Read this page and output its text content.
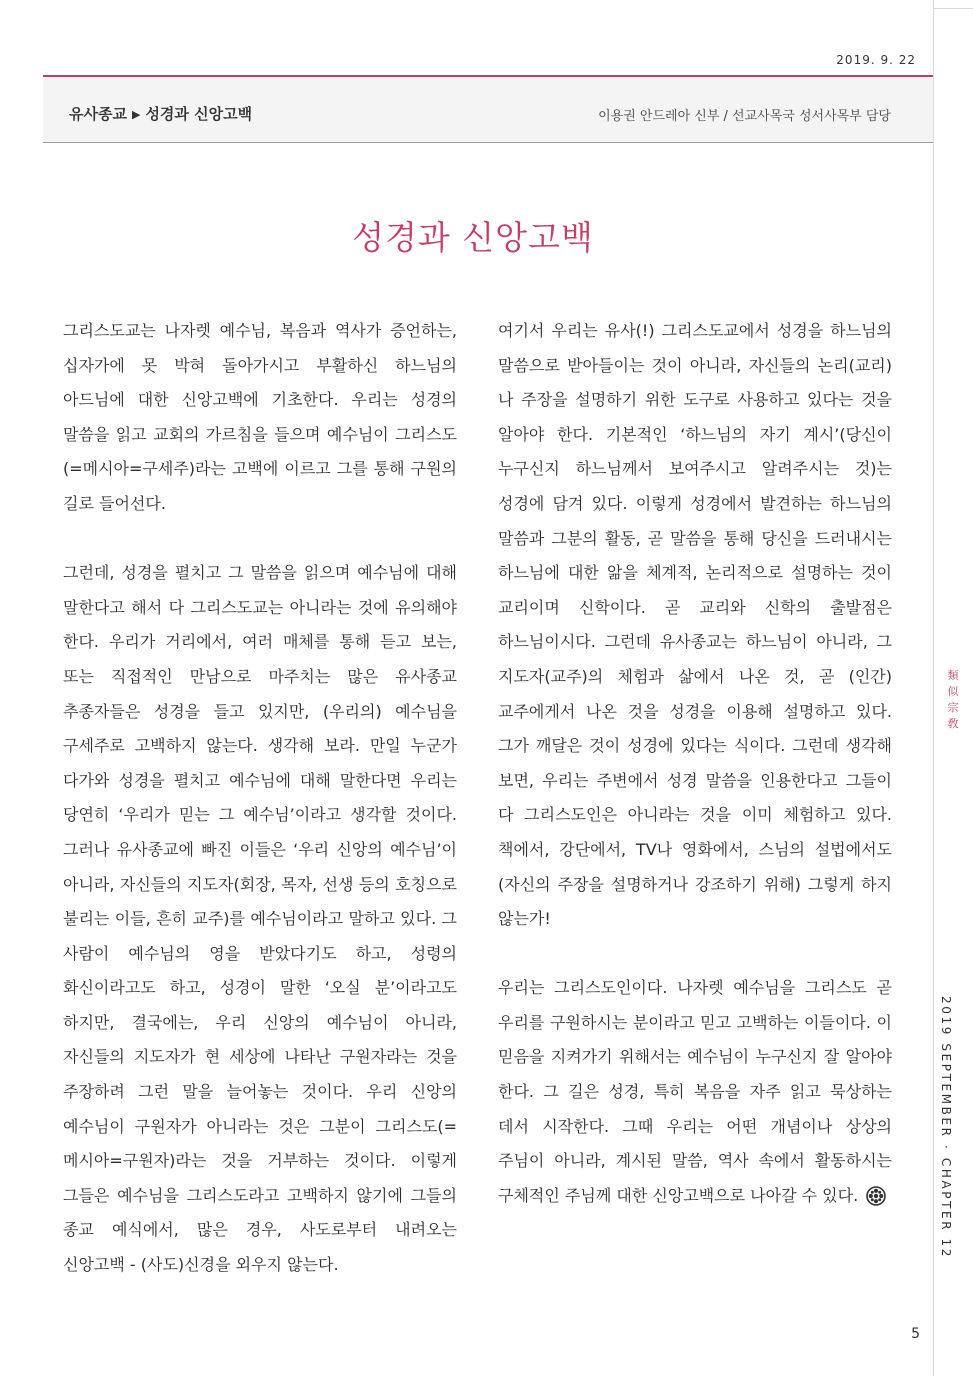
2019. 9. 22
유사종교 ▶ 성경과 신앙고백	이용권 안드레아 신부 / 선교사목국 성서사목부 담당
성경과 신앙고백

그리스도교는 나자렛 예수님, 복음과 역사가 증언하는, 십자가에 못 박혀 돌아가시고 부활하신 하느님의 아드님에 대한 신앙고백에 기초한다. 우리는 성경의 말씀을 읽고 교회의 가르침을 들으며 예수님이 그리스도(=메시아=구세주)라는 고백에 이르고 그를 통해 구원의 길로 들어선다.

그런데, 성경을 펼치고 그 말씀을 읽으며 예수님에 대해 말한다고 해서 다 그리스도교는 아니라는 것에 유의해야 한다. 우리가 거리에서, 여러 매체를 통해 듣고 보는, 또는 직접적인 만남으로 마주치는 많은 유사종교 추종자들은 성경을 들고 있지만, (우리의) 예수님을 구세주로 고백하지 않는다. 생각해 보라. 만일 누군가 다가와 성경을 펼치고 예수님에 대해 말한다면 우리는 당연히 ‘우리가 믿는 그 예수님’이라고 생각할 것이다. 그러나 유사종교에 빠진 이들은 ‘우리 신앙의 예수님’이 아니라, 자신들의 지도자(회장, 목자, 선생 등의 호칭으로 불리는 이들, 흔히 교주)를 예수님이라고 말하고 있다. 그 사람이 예수님의 영을 받았다기도 하고, 성령의 화신이라고도 하고, 성경이 말한 ‘오실 분’이라고도 하지만, 결국에는, 우리 신앙의 예수님이 아니라, 자신들의 지도자가 현 세상에 나타난 구원자라는 것을 주장하려 그런 말을 늘어놓는 것이다. 우리 신앙의 예수님이 구원자가 아니라는 것은 그분이 그리스도(=메시아=구원자)라는 것을 거부하는 것이다. 이렇게 그들은 예수님을 그리스도라고 고백하지 않기에 그들의 종교 예식에서, 많은 경우, 사도로부터 내려오는 신앙고백 - (사도)신경을 외우지 않는다.

여기서 우리는 유사(!) 그리스도교에서 성경을 하느님의 말씀으로 받아들이는 것이 아니라, 자신들의 논리(교리)나 주장을 설명하기 위한 도구로 사용하고 있다는 것을 알아야 한다. 기본적인 ‘하느님의 자기 계시’(당신이 누구신지 하느님께서 보여주시고 알려주시는 것)는 성경에 담겨 있다. 이렇게 성경에서 발견하는 하느님의 말씀과 그분의 활동, 곧 말씀을 통해 당신을 드러내시는 하느님에 대한 앎을 체계적, 논리적으로 설명하는 것이 교리이며 신학이다. 곧 교리와 신학의 출발점은 하느님이시다. 그런데 유사종교는 하느님이 아니라, 그 지도자(교주)의 체험과 삶에서 나온 것, 곧 (인간) 교주에게서 나온 것을 성경을 이용해 설명하고 있다. 그가 깨달은 것이 성경에 있다는 식이다. 그런데 생각해 보면, 우리는 주변에서 성경 말씀을 인용한다고 그들이 다 그리스도인은 아니라는 것을 이미 체험하고 있다. 책에서, 강단에서, TV나 영화에서, 스님의 설법에서도 (자신의 주장을 설명하거나 강조하기 위해) 그렇게 하지 않는가!

우리는 그리스도인이다. 나자렛 예수님을 그리스도 곧 우리를 구원하시는 분이라고 믿고 고백하는 이들이다. 이 믿음을 지켜가기 위해서는 예수님이 누구신지 잘 알아야 한다. 그 길은 성경, 특히 복음을 자주 읽고 묵상하는 데서 시작한다. 그때 우리는 어떤 개념이나 상상의 주님이 아니라, 계시된 말씀, 역사 속에서 활동하시는 구체적인 주님께 대한 신앙고백으로 나아갈 수 있다.

類
似
宗
敎
2019 SEPTEMBER · CHAPTER 12
5
